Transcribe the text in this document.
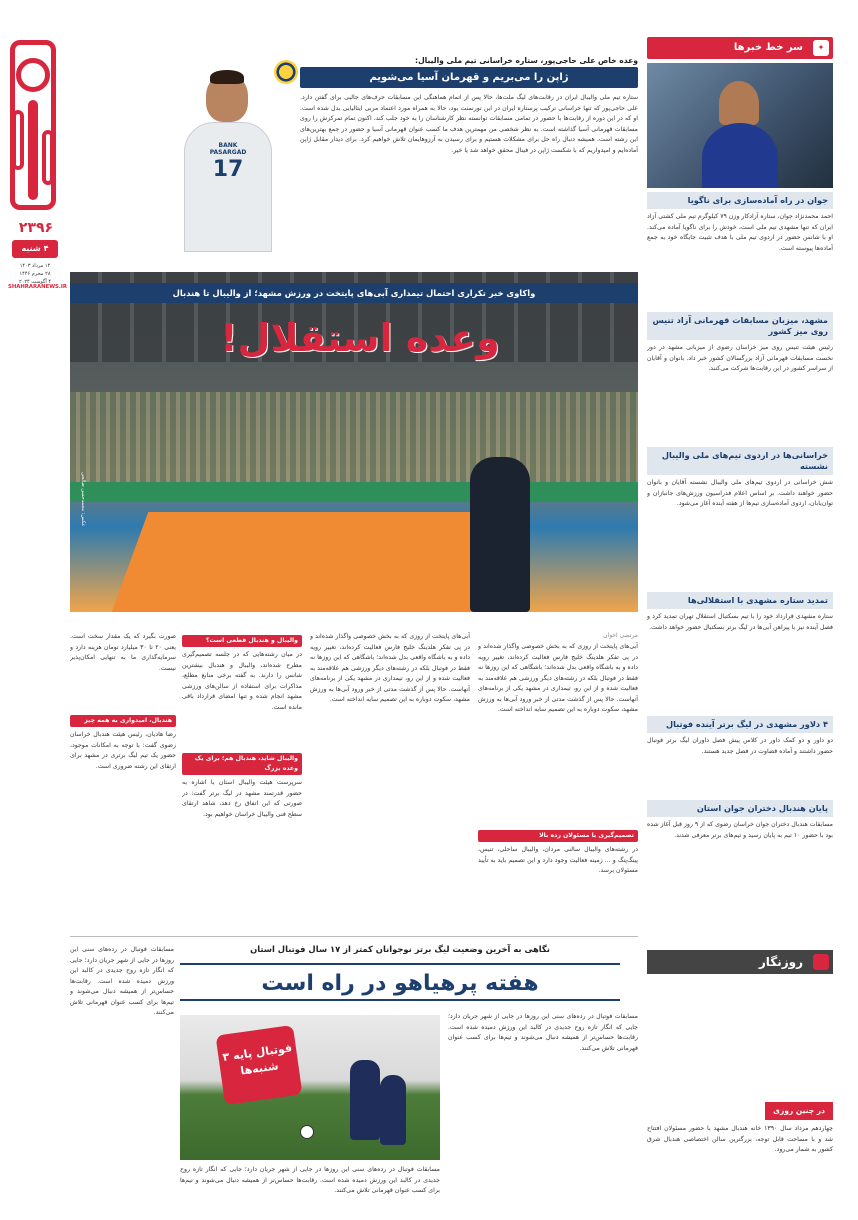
۲۳۹۶
۴ شنبه
۱۴ مرداد ۱۴۰۳
۲۸ محرم ۱۴۴۶
۴ آگوست ۲۰۲۴
SHAHRARANEWS.IR
وعده خاص علی حاجی‌پور، ستاره خراسانی تیم ملی والیبال:
ژاپن را می‌بریم و قهرمان آسیا می‌شویم
ستاره تیم ملی والیبال ایران در رقابت‌های لیگ ملت‌ها، حالا پس از اتمام هماهنگی این مسابقات حرف‌های جالبی برای گفتن دارد. علی حاجی‌پور که تنها خراسانی ترکیب پرستاره ایران در این تورنمنت بود، حالا به همراه مورد اعتماد مربی ایتالیایی بدل شده است. او که در این دوره از رقابت‌ها با حضور در تمامی مسابقات توانسته نظر کارشناسان را به خود جلب کند، اکنون تمام تمرکزش را روی مسابقات قهرمانی آسیا گذاشته است. به نظر شخصی من مهمترین هدف ما کسب عنوان قهرمانی آسیا و حضور در جمع بهترین‌های این رشته است. همیشه دنبال راه حل برای مشکلات هستیم و برای رسیدن به آرزوهایمان تلاش خواهیم کرد. برای دیدار مقابل ژاپن آماده‌ایم و امیدواریم که با شکست ژاپن در فینال محقق خواهد شد یا خیر.
BANK PASARGAD
17
عکس: محمدحسن صالحی
واکاوی خبر تکراری احتمال تیمداری آبی‌های پایتخت در ورزش مشهد؛ از والیبال تا هندبال
وعده استقلال!
مرتضی اخوان
آبی‌های پایتخت از روزی که به بخش خصوصی واگذار شده‌اند و در پی تفکر هلدینگ خلیج فارس فعالیت کرده‌اند، تغییر رویه داده و به باشگاه واقعی بدل شده‌اند؛ باشگاهی که این روزها نه فقط در فوتبال بلکه در رشته‌های دیگر ورزشی هم علاقه‌مند به فعالیت شده و از این رو، تیمداری در مشهد یکی از برنامه‌های آنهاست. حالا پس از گذشت مدتی از خبر ورود آبی‌ها به ورزش مشهد، سکوت دوباره به این تصمیم سایه انداخته است.
تصمیم‌گیری با مسئولان رده بالا
در رشته‌های والیبال سالنی مردان، والیبال ساحلی، تنیس، پینگ‌پنگ و ... زمینه فعالیت وجود دارد و این تصمیم باید به تأیید مسئولان برسد.
آبی‌های پایتخت از روزی که به بخش خصوصی واگذار شده‌اند و در پی تفکر هلدینگ خلیج فارس فعالیت کرده‌اند، تغییر رویه داده و به باشگاه واقعی بدل شده‌اند؛ باشگاهی که این روزها نه فقط در فوتبال بلکه در رشته‌های دیگر ورزشی هم علاقه‌مند به فعالیت شده و از این رو، تیمداری در مشهد یکی از برنامه‌های آنهاست. حالا پس از گذشت مدتی از خبر ورود آبی‌ها به ورزش مشهد، سکوت دوباره به این تصمیم سایه انداخته است.
والیبال و هندبال قطعی است؟
در میان رشته‌هایی که در جلسه تصمیم‌گیری مطرح شده‌اند، والیبال و هندبال بیشترین شانس را دارند. به گفته برخی منابع مطلع، مذاکرات برای استفاده از سالن‌های ورزشی مشهد انجام شده و تنها امضای قرارداد باقی مانده است.
والیبال شاید، هندبال هم؛ برای یک وعده بزرگ
سرپرست هیئت والیبال استان با اشاره به حضور قدرتمند مشهد در لیگ برتر گفت: در صورتی که این اتفاق رخ دهد، شاهد ارتقای سطح فنی والیبال خراسان خواهیم بود.
صورت بگیرد که یک مقدار سخت است. یعنی ۲۰ تا ۳۰ میلیارد تومان هزینه دارد و سرمایه‌گذاری ما به تنهایی امکان‌پذیر نیست.
هندبال، امیدواری به همه چیز
رضا هادیان، رئیس هیئت هندبال خراسان رضوی گفت: با توجه به امکانات موجود، حضور یک تیم لیگ برتری در مشهد برای ارتقای این رشته ضروری است.
نگاهی به آخرین وضعیت لیگ برتر نوجوانان کمتر از ۱۷ سال فوتبال استان
هفته پرهیاهو در راه است
مسابقات فوتبال در رده‌های سنی این روزها در جایی از شهر جریان دارد؛ جایی که انگار تازه روح جدیدی در کالبد این ورزش دمیده شده است. رقابت‌ها حساس‌تر از همیشه دنبال می‌شوند و تیم‌ها برای کسب عنوان قهرمانی تلاش می‌کنند.
فوتبال پایه ۳ شنبه‌ها
مسابقات فوتبال در رده‌های سنی این روزها در جایی از شهر جریان دارد؛ جایی که انگار تازه روح جدیدی در کالبد این ورزش دمیده شده است. رقابت‌ها حساس‌تر از همیشه دنبال می‌شوند و تیم‌ها برای کسب عنوان قهرمانی تلاش می‌کنند.
مسابقات فوتبال در رده‌های سنی این روزها در جایی از شهر جریان دارد؛ جایی که انگار تازه روح جدیدی در کالبد این ورزش دمیده شده است. رقابت‌ها حساس‌تر از همیشه دنبال می‌شوند و تیم‌ها برای کسب عنوان قهرمانی تلاش می‌کنند.
✦
سر خط خبرها
جوان در راه آماده‌سازی برای ناگویا
احمد محمدنژاد جوان، ستاره آزادکار وزن ۷۹ کیلوگرم تیم ملی کشتی آزاد ایران که تنها مشهدی تیم ملی است، خودش را برای ناگویا آماده می‌کند. او با شانس حضور در اردوی تیم ملی با هدف تثبیت جایگاه خود به جمع آماده‌ها پیوسته است.
مشهد، میزبان مسابقات قهرمانی آزاد تنیس روی میز کشور
رئیس هیئت تنیس روی میز خراسان رضوی از میزبانی مشهد در دور نخست مسابقات قهرمانی آزاد بزرگسالان کشور خبر داد. بانوان و آقایان از سراسر کشور در این رقابت‌ها شرکت می‌کنند.
خراسانی‌ها در اردوی تیم‌های ملی والیبال نشسته
شش خراسانی در اردوی تیم‌های ملی والیبال نشسته آقایان و بانوان حضور خواهند داشت. بر اساس اعلام فدراسیون ورزش‌های جانبازان و توان‌یابان، اردوی آماده‌سازی تیم‌ها از هفته آینده آغاز می‌شود.
تمدید ستاره مشهدی با استقلالی‌ها
ستاره مشهدی قرارداد خود را با تیم بسکتبال استقلال تهران تمدید کرد و فصل آینده نیز با پیراهن آبی‌ها در لیگ برتر بسکتبال حضور خواهد داشت.
۴ دلاور مشهدی در لیگ برتر آینده فوتبال
دو داور و دو کمک داور در کلاس پیش فصل داوران لیگ برتر فوتبال حضور داشتند و آماده قضاوت در فصل جدید هستند.
پایان هندبال دختران جوان استان
مسابقات هندبال دختران جوان خراسان رضوی که از ۹ روز قبل آغاز شده بود با حضور ۱۰ تیم به پایان رسید و تیم‌های برتر معرفی شدند.
روزنگار
در چنین روزی
چهاردهم مرداد سال ۱۳۹۰ خانه هندبال مشهد با حضور مسئولان افتتاح شد و با مساحت قابل توجه، بزرگترین سالن اختصاصی هندبال شرق کشور به شمار می‌رود.
